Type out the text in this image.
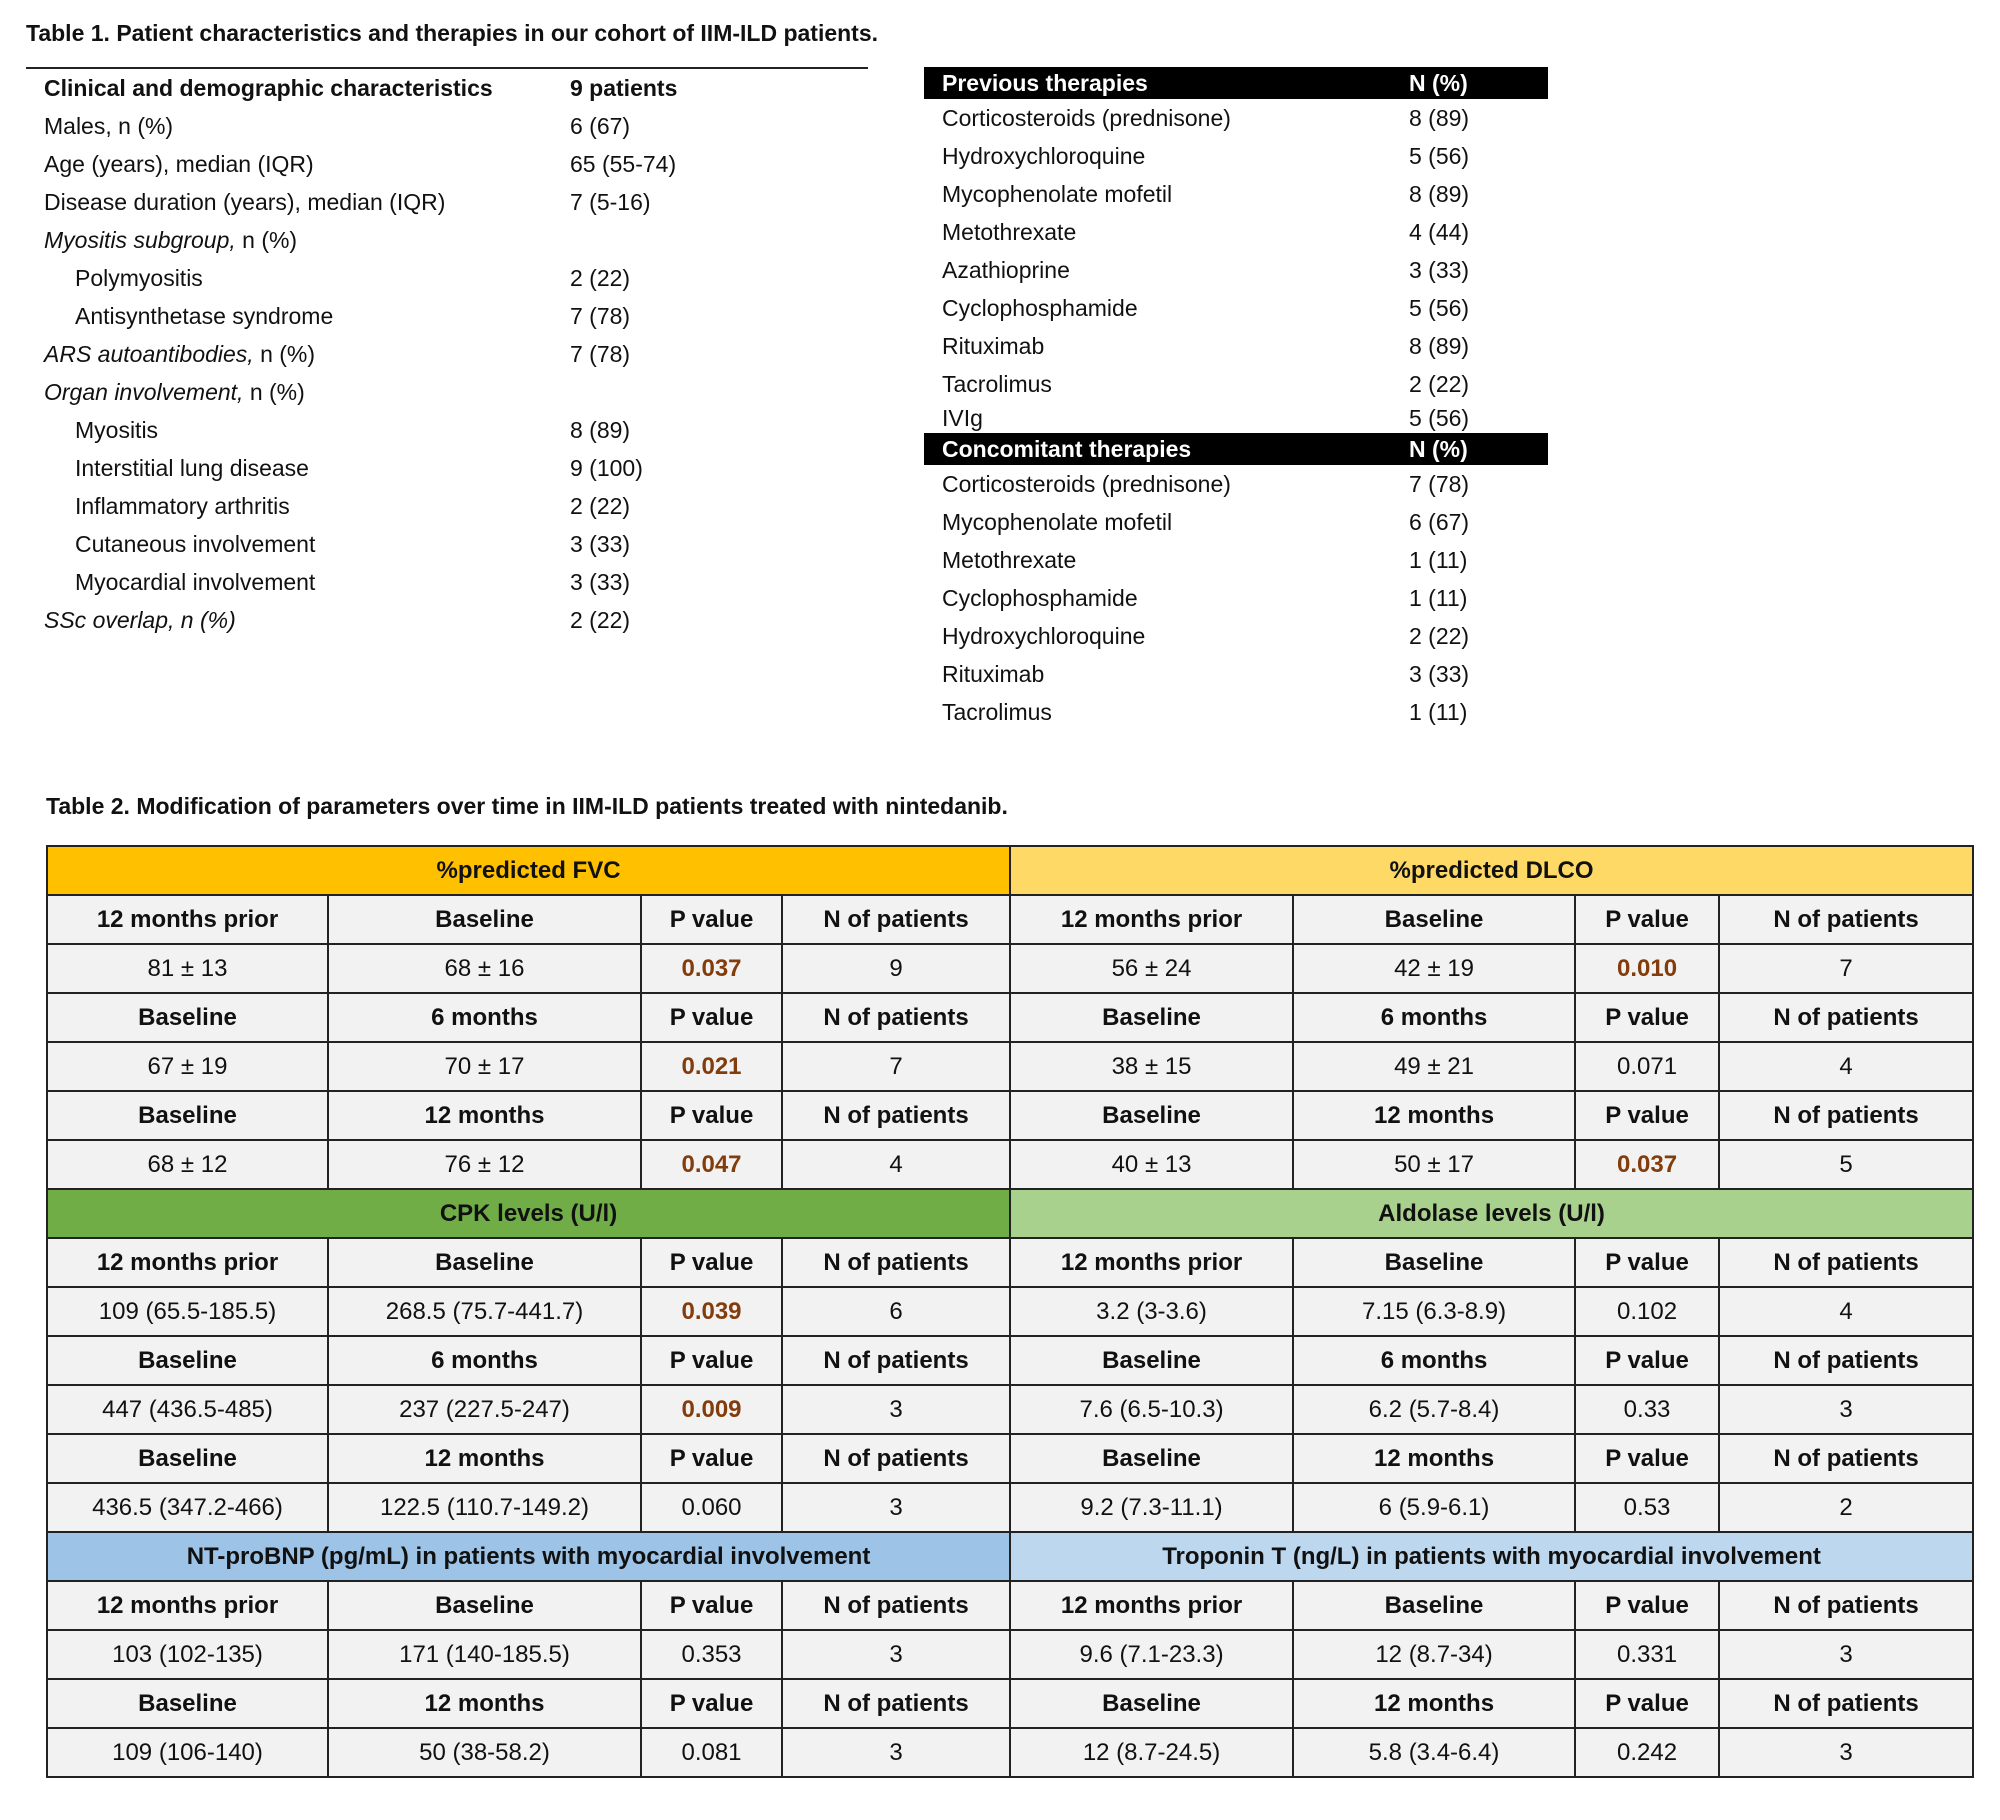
Table 1. Patient characteristics and therapies in our cohort of IIM-ILD patients.
Clinical and demographic characteristics	9 patients
Males, n (%)	6 (67)
Age (years), median (IQR)	65 (55-74)
Disease duration (years), median (IQR)	7 (5-16)
Myositis subgroup, n (%)
Polymyositis	2 (22)
Antisynthetase syndrome	7 (78)
ARS autoantibodies, n (%)	7 (78)
Organ involvement, n (%)
Myositis	8 (89)
Interstitial lung disease	9 (100)
Inflammatory arthritis	2 (22)
Cutaneous involvement	3 (33)
Myocardial involvement	3 (33)
SSc overlap, n (%)	2 (22)
Previous therapies	N (%)
Corticosteroids (prednisone)	8 (89)
Hydroxychloroquine	5 (56)
Mycophenolate mofetil	8 (89)
Metothrexate	4 (44)
Azathioprine	3 (33)
Cyclophosphamide	5 (56)
Rituximab	8 (89)
Tacrolimus	2 (22)
IVIg	5 (56)
Concomitant therapies	N (%)
Corticosteroids (prednisone)	7 (78)
Mycophenolate mofetil	6 (67)
Metothrexate	1 (11)
Cyclophosphamide	1 (11)
Hydroxychloroquine	2 (22)
Rituximab	3 (33)
Tacrolimus	1 (11)
Table 2. Modification of parameters over time in IIM-ILD patients treated with nintedanib.
%predicted FVC				%predicted DLCO			
12 months prior	Baseline	P value	N of patients	12 months prior	Baseline	P value	N of patients
81 ± 13	68 ± 16	0.037	9	56 ± 24	42 ± 19	0.010	7
Baseline	6 months	P value	N of patients	Baseline	6 months	P value	N of patients
67 ± 19	70 ± 17	0.021	7	38 ± 15	49 ± 21	0.071	4
Baseline	12 months	P value	N of patients	Baseline	12 months	P value	N of patients
68 ± 12	76 ± 12	0.047	4	40 ± 13	50 ± 17	0.037	5
CPK levels (U/l)				Aldolase levels (U/l)			
12 months prior	Baseline	P value	N of patients	12 months prior	Baseline	P value	N of patients
109 (65.5-185.5)	268.5 (75.7-441.7)	0.039	6	3.2 (3-3.6)	7.15 (6.3-8.9)	0.102	4
Baseline	6 months	P value	N of patients	Baseline	6 months	P value	N of patients
447 (436.5-485)	237 (227.5-247)	0.009	3	7.6 (6.5-10.3)	6.2 (5.7-8.4)	0.33	3
Baseline	12 months	P value	N of patients	Baseline	12 months	P value	N of patients
436.5 (347.2-466)	122.5 (110.7-149.2)	0.060	3	9.2 (7.3-11.1)	6 (5.9-6.1)	0.53	2
NT-proBNP (pg/mL) in patients with myocardial involvement				Troponin T (ng/L) in patients with myocardial involvement			
12 months prior	Baseline	P value	N of patients	12 months prior	Baseline	P value	N of patients
103 (102-135)	171 (140-185.5)	0.353	3	9.6 (7.1-23.3)	12 (8.7-34)	0.331	3
Baseline	12 months	P value	N of patients	Baseline	12 months	P value	N of patients
109 (106-140)	50 (38-58.2)	0.081	3	12 (8.7-24.5)	5.8 (3.4-6.4)	0.242	3
